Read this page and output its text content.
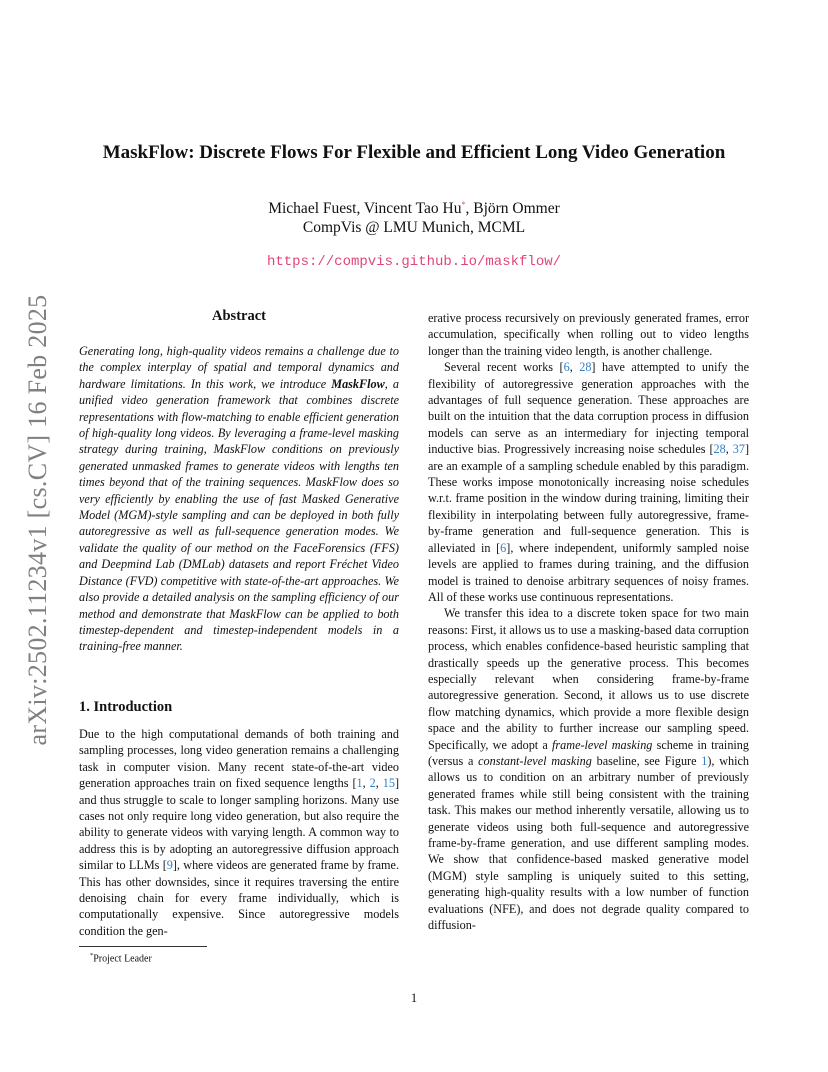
arXiv:2502.11234v1 [cs.CV] 16 Feb 2025
MaskFlow: Discrete Flows For Flexible and Efficient Long Video Generation
Michael Fuest, Vincent Tao Hu*, Björn Ommer
CompVis @ LMU Munich, MCML
https://compvis.github.io/maskflow/
Abstract
Generating long, high-quality videos remains a challenge due to the complex interplay of spatial and temporal dynamics and hardware limitations. In this work, we introduce MaskFlow, a unified video generation framework that combines discrete representations with flow-matching to enable efficient generation of high-quality long videos. By leveraging a frame-level masking strategy during training, MaskFlow conditions on previously generated unmasked frames to generate videos with lengths ten times beyond that of the training sequences. MaskFlow does so very efficiently by enabling the use of fast Masked Generative Model (MGM)-style sampling and can be deployed in both fully autoregressive as well as full-sequence generation modes. We validate the quality of our method on the FaceForensics (FFS) and Deepmind Lab (DMLab) datasets and report Fréchet Video Distance (FVD) competitive with state-of-the-art approaches. We also provide a detailed analysis on the sampling efficiency of our method and demonstrate that MaskFlow can be applied to both timestep-dependent and timestep-independent models in a training-free manner.
1. Introduction
Due to the high computational demands of both training and sampling processes, long video generation remains a challenging task in computer vision. Many recent state-of-the-art video generation approaches train on fixed sequence lengths [1, 2, 15] and thus struggle to scale to longer sampling horizons. Many use cases not only require long video generation, but also require the ability to generate videos with varying length. A common way to address this is by adopting an autoregressive diffusion approach similar to LLMs [9], where videos are generated frame by frame. This has other downsides, since it requires traversing the entire denoising chain for every frame individually, which is computationally expensive. Since autoregressive models condition the gen-

erative process recursively on previously generated frames, error accumulation, specifically when rolling out to video lengths longer than the training video length, is another challenge.

Several recent works [6, 28] have attempted to unify the flexibility of autoregressive generation approaches with the advantages of full sequence generation. These approaches are built on the intuition that the data corruption process in diffusion models can serve as an intermediary for injecting temporal inductive bias. Progressively increasing noise schedules [28, 37] are an example of a sampling schedule enabled by this paradigm. These works impose monotonically increasing noise schedules w.r.t. frame position in the window during training, limiting their flexibility in interpolating between fully autoregressive, frame-by-frame generation and full-sequence generation. This is alleviated in [6], where independent, uniformly sampled noise levels are applied to frames during training, and the diffusion model is trained to denoise arbitrary sequences of noisy frames. All of these works use continuous representations.

We transfer this idea to a discrete token space for two main reasons: First, it allows us to use a masking-based data corruption process, which enables confidence-based heuristic sampling that drastically speeds up the generative process. This becomes especially relevant when considering frame-by-frame autoregressive generation. Second, it allows us to use discrete flow matching dynamics, which provide a more flexible design space and the ability to further increase our sampling speed. Specifically, we adopt a frame-level masking scheme in training (versus a constant-level masking baseline, see Figure 1), which allows us to condition on an arbitrary number of previously generated frames while still being consistent with the training task. This makes our method inherently versatile, allowing us to generate videos using both full-sequence and autoregressive frame-by-frame generation, and use different sampling modes. We show that confidence-based masked generative model (MGM) style sampling is uniquely suited to this setting, generating high-quality results with a low number of function evaluations (NFE), and does not degrade quality compared to diffusion-

*Project Leader
1
